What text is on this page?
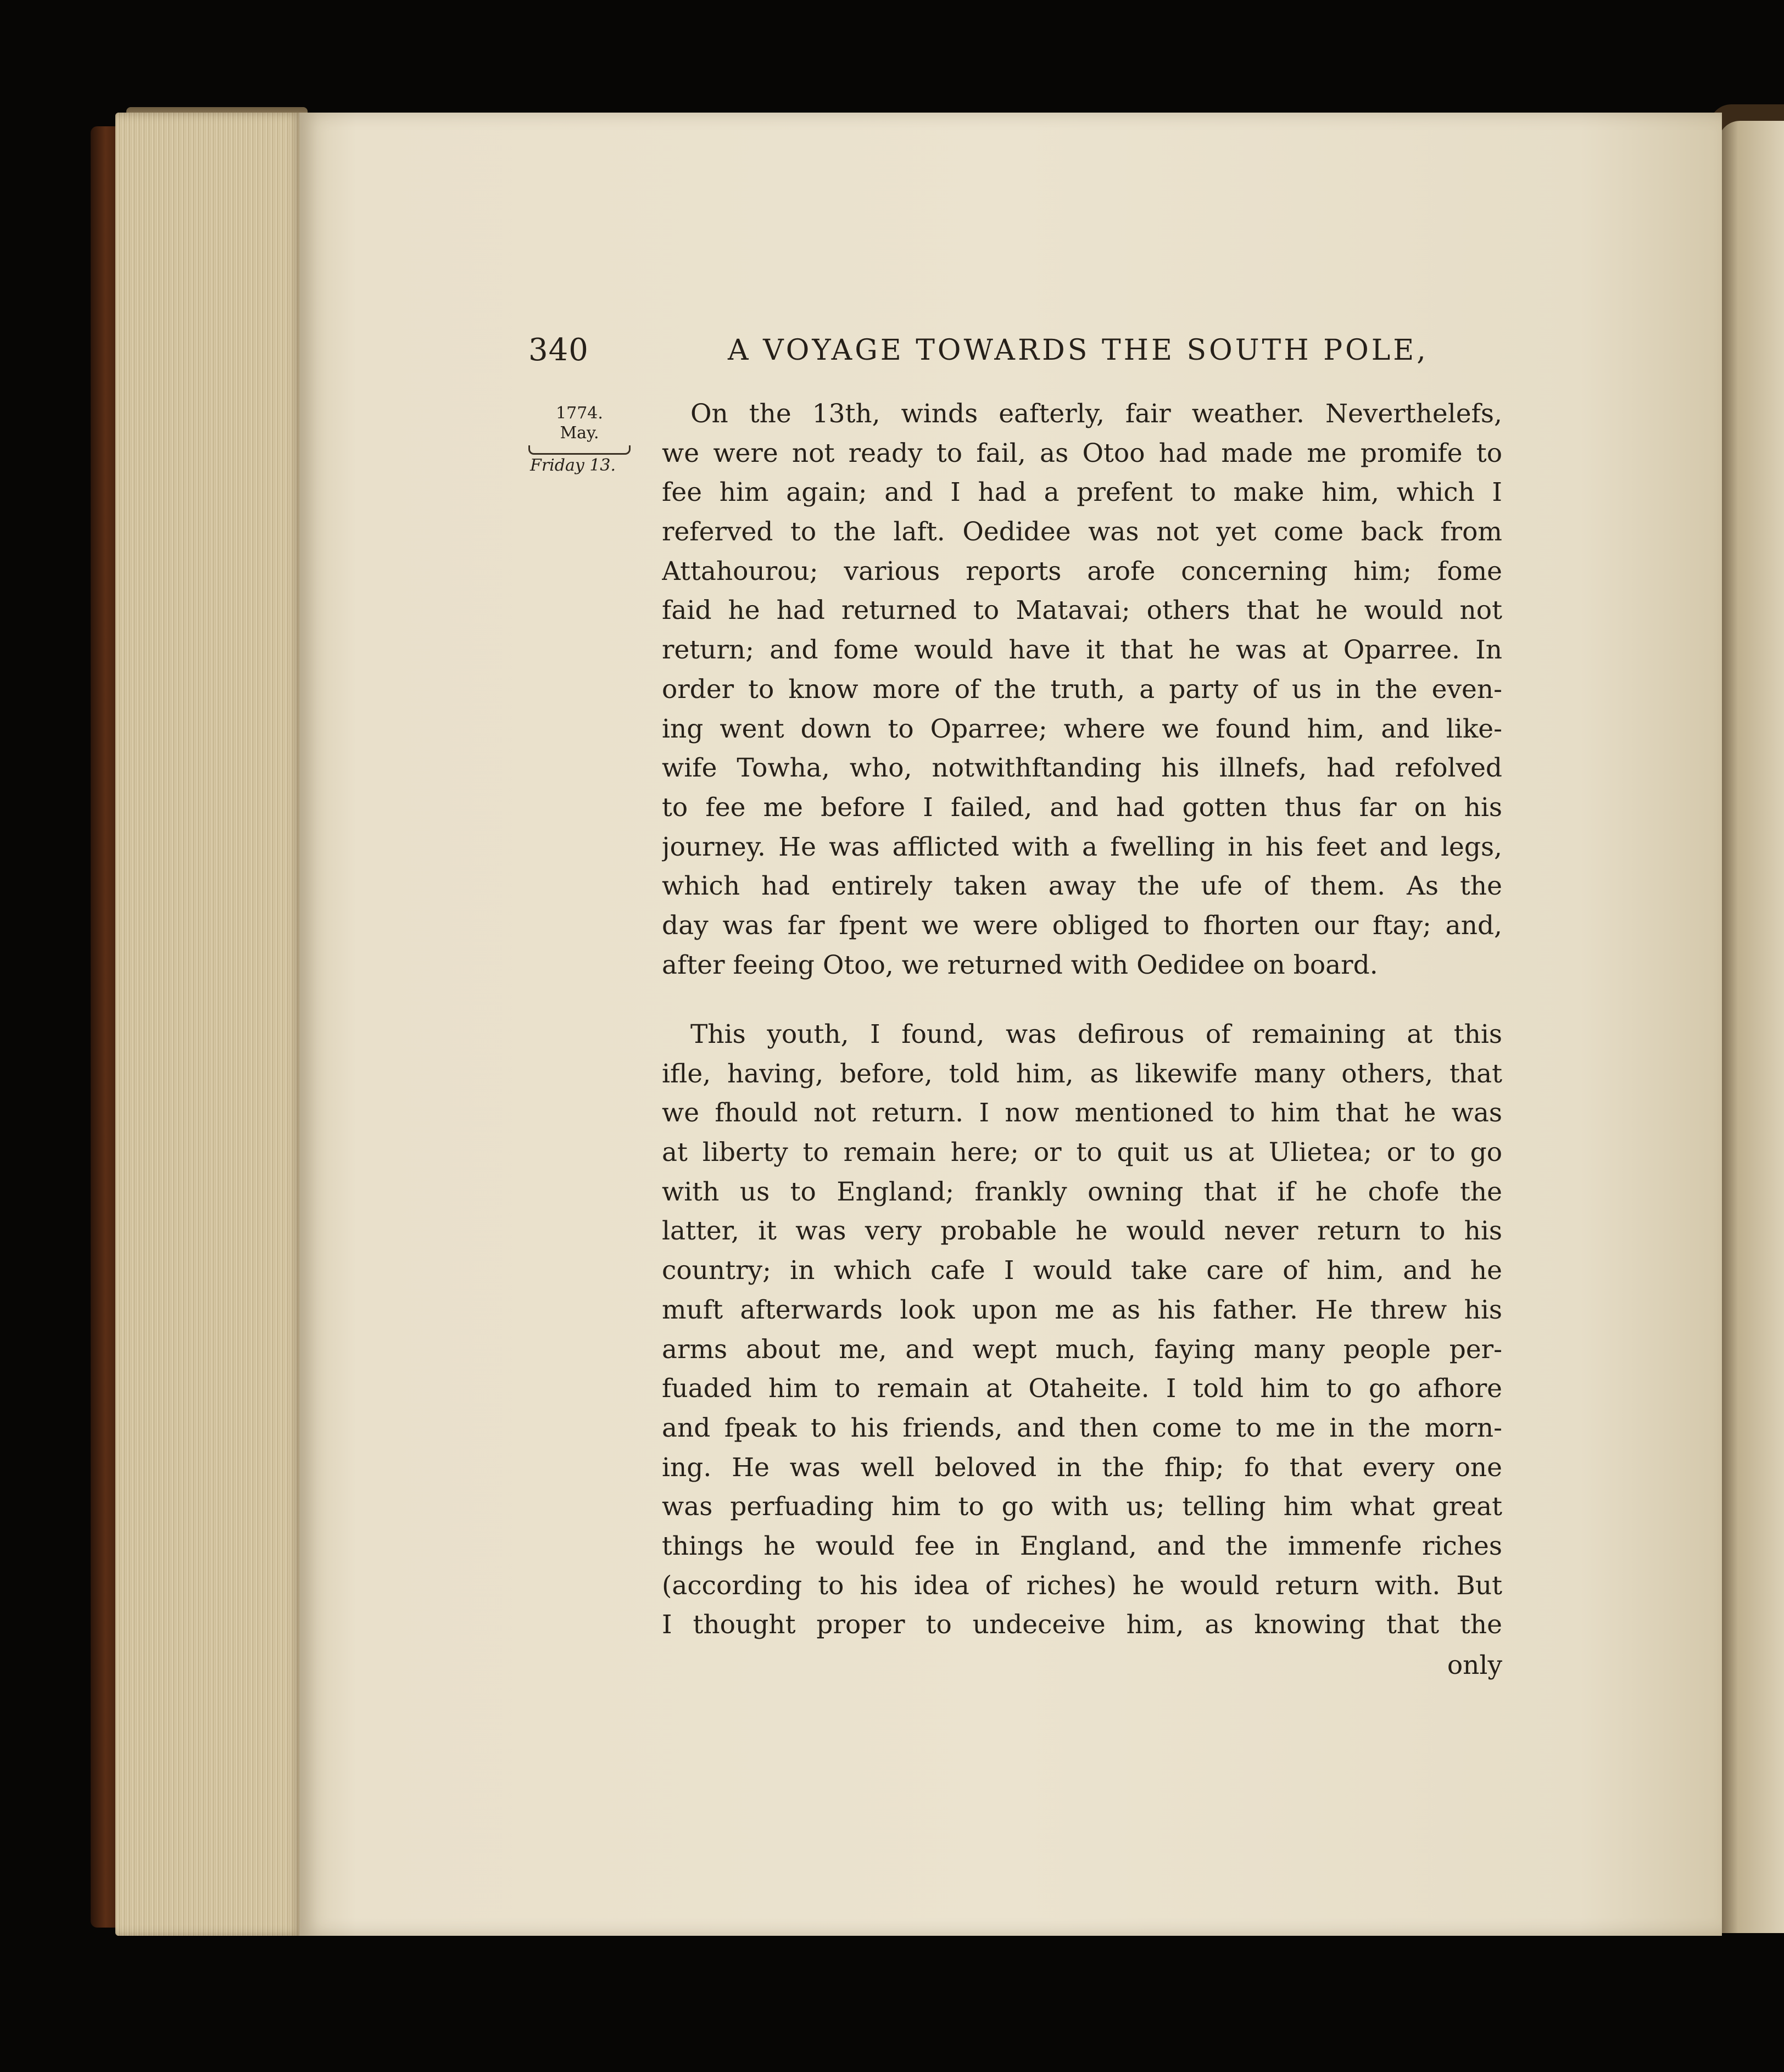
340	A VOYAGE TOWARDS THE SOUTH POLE,
1774.
May.
Friday 13.
On the 13th, winds eafterly, fair weather. Neverthelefs,
we were not ready to fail, as Otoo had made me promife to
fee him again; and I had a prefent to make him, which I
referved to the laft. Oedidee was not yet come back from
Attahourou; various reports arofe concerning him; fome
faid he had returned to Matavai; others that he would not
return; and fome would have it that he was at Oparree. In
order to know more of the truth, a party of us in the even-
ing went down to Oparree; where we found him, and like-
wife Towha, who, notwithftanding his illnefs, had refolved
to fee me before I failed, and had gotten thus far on his
journey. He was afflicted with a fwelling in his feet and legs,
which had entirely taken away the ufe of them. As the
day was far fpent we were obliged to fhorten our ftay; and,
after feeing Otoo, we returned with Oedidee on board.
This youth, I found, was defirous of remaining at this
ifle, having, before, told him, as likewife many others, that
we fhould not return. I now mentioned to him that he was
at liberty to remain here; or to quit us at Ulietea; or to go
with us to England; frankly owning that if he chofe the
latter, it was very probable he would never return to his
country; in which cafe I would take care of him, and he
muft afterwards look upon me as his father. He threw his
arms about me, and wept much, faying many people per-
fuaded him to remain at Otaheite. I told him to go afhore
and fpeak to his friends, and then come to me in the morn-
ing. He was well beloved in the fhip; fo that every one
was perfuading him to go with us; telling him what great
things he would fee in England, and the immenfe riches
(according to his idea of riches) he would return with. But
I thought proper to undeceive him, as knowing that the
only
